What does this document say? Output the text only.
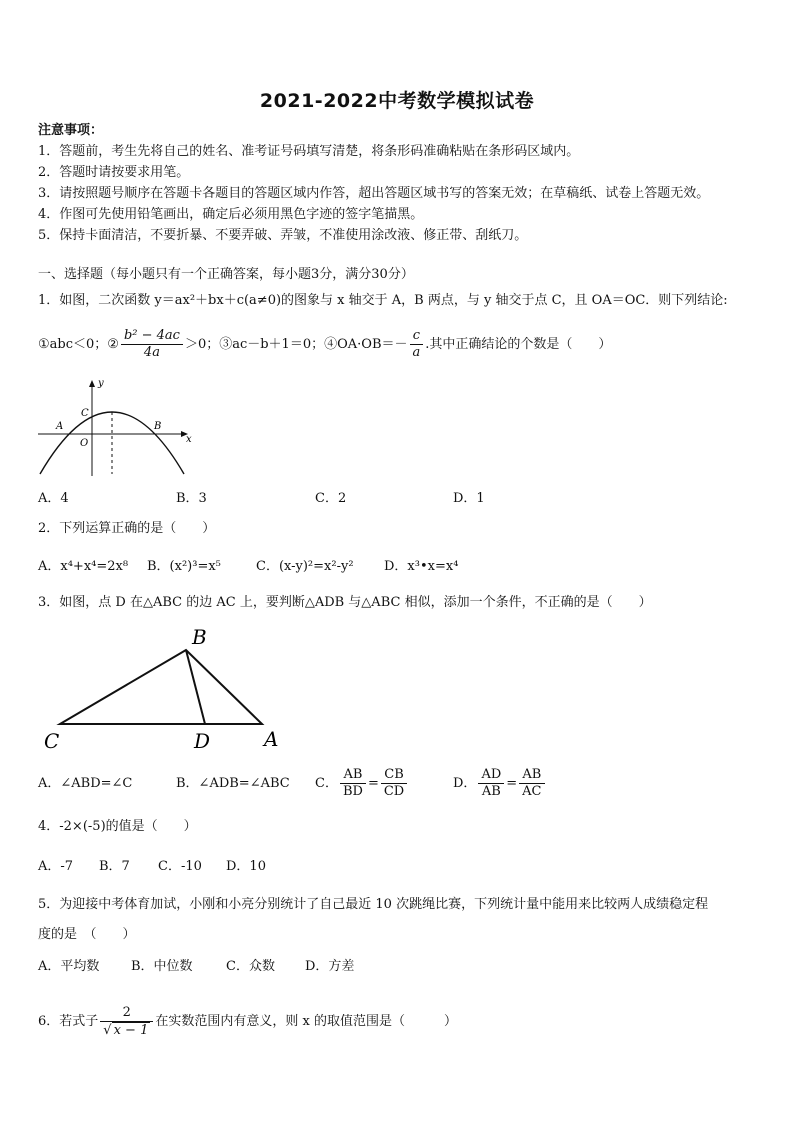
2021-2022中考数学模拟试卷
注意事项：
1．答题前，考生先将自己的姓名、准考证号码填写清楚，将条形码准确粘贴在条形码区域内。
2．答题时请按要求用笔。
3．请按照题号顺序在答题卡各题目的答题区域内作答，超出答题区域书写的答案无效；在草稿纸、试卷上答题无效。
4．作图可先使用铅笔画出，确定后必须用黑色字迹的签字笔描黑。
5．保持卡面清洁，不要折暴、不要弄破、弄皱，不准使用涂改液、修正带、刮纸刀。
一、选择题（每小题只有一个正确答案，每小题3分，满分30分）
1．如图，二次函数 y＝ax²＋bx＋c(a≠0)的图象与 x 轴交于 A，B 两点，与 y 轴交于点 C，且 OA＝OC．则下列结论:
①abc＜0；② $\frac{\text{b² − 4ac}}{4a} >0$；③ac－b＋1＝0；④OA·OB＝－ $\frac{c}{a}$ .其中正确结论的个数是（　　）
y
x
C
A
O
B
A．4	B．3	C．2	D．1
2．下列运算正确的是（　　）
A．x⁴+x⁴=2x⁸ B．(x²)³=x⁵	C．(x-y)²=x²-y² D．x³•x=x⁴
3．如图，点 D 在△ABC 的边 AC 上，要判断△ADB 与△ABC 相似，添加一个条件，不正确的是（　　）
B
C	D	A
A．∠ABD=∠C	B．∠ADB=∠ABC C． $\frac{AB}{BD} = \frac{CB}{CD}$	D． $\frac{AD}{AB} = \frac{AB}{AC}$
4．-2×(-5)的值是（　　）
A．-7 B．7 C．-10 D．10
5．为迎接中考体育加试，小刚和小亮分别统计了自己最近 10 次跳绳比赛，下列统计量中能用来比较两人成绩稳定程
度的是　（　　）
A．平均数 B．中位数	C．众数 D．方差
6．若式子 $\frac{2}{√ x - 1}$ 在实数范围内有意义，则 x 的取值范围是（　　　）
